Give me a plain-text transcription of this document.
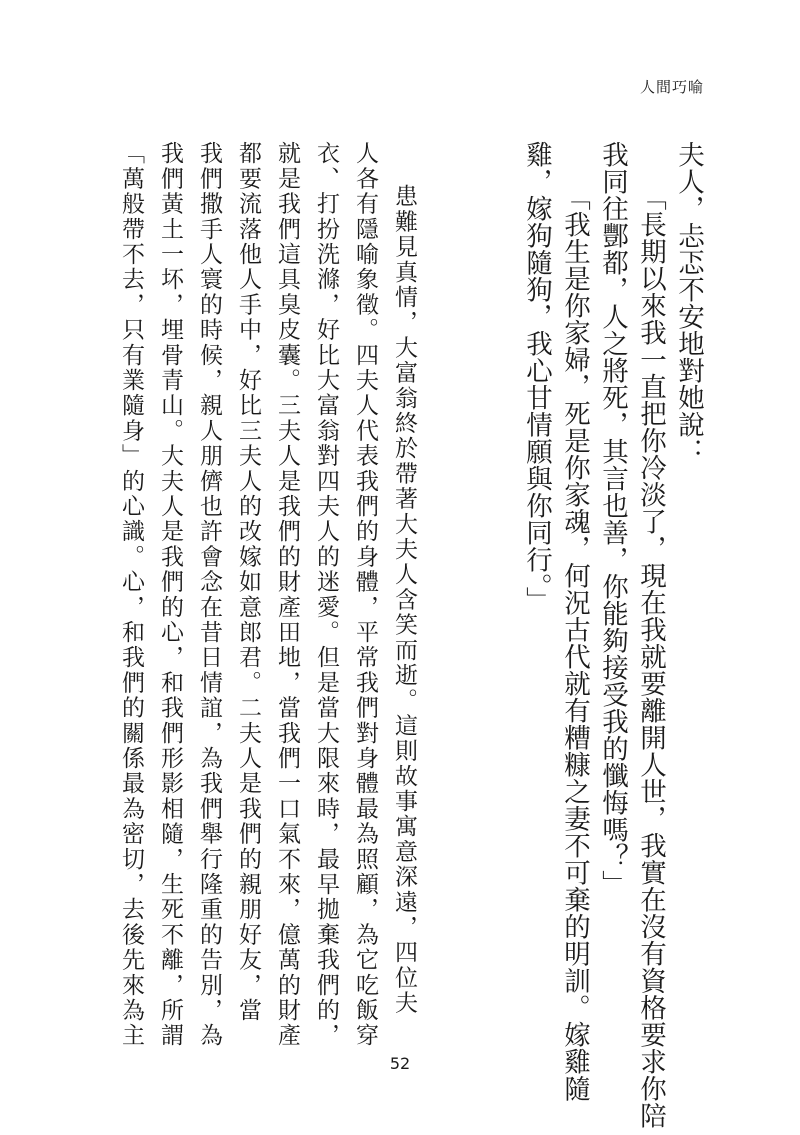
人間巧喻
夫人，忐忑不安地對她說：
「長期以來我一直把你冷淡了，現在我就要離開人世，我實在沒有資格要求你陪
我同往酆都，人之將死，其言也善，你能夠接受我的懺悔嗎？」
「我生是你家婦，死是你家魂，何況古代就有糟糠之妻不可棄的明訓。嫁雞隨
雞，嫁狗隨狗，我心甘情願與你同行。」
患難見真情，大富翁終於帶著大夫人含笑而逝。這則故事寓意深遠，四位夫
人各有隱喻象徵。四夫人代表我們的身體，平常我們對身體最為照顧，為它吃飯穿
衣、打扮洗滌，好比大富翁對四夫人的迷愛。但是當大限來時，最早拋棄我們的，
就是我們這具臭皮囊。三夫人是我們的財產田地，當我們一口氣不來，億萬的財產
都要流落他人手中，好比三夫人的改嫁如意郎君。二夫人是我們的親朋好友，當
我們撒手人寰的時候，親人朋儕也許會念在昔日情誼，為我們舉行隆重的告別，為
我們黃土一坏，埋骨青山。大夫人是我們的心，和我們形影相隨，生死不離，所謂
「萬般帶不去，只有業隨身」的心識。心，和我們的關係最為密切，去後先來為主
52
